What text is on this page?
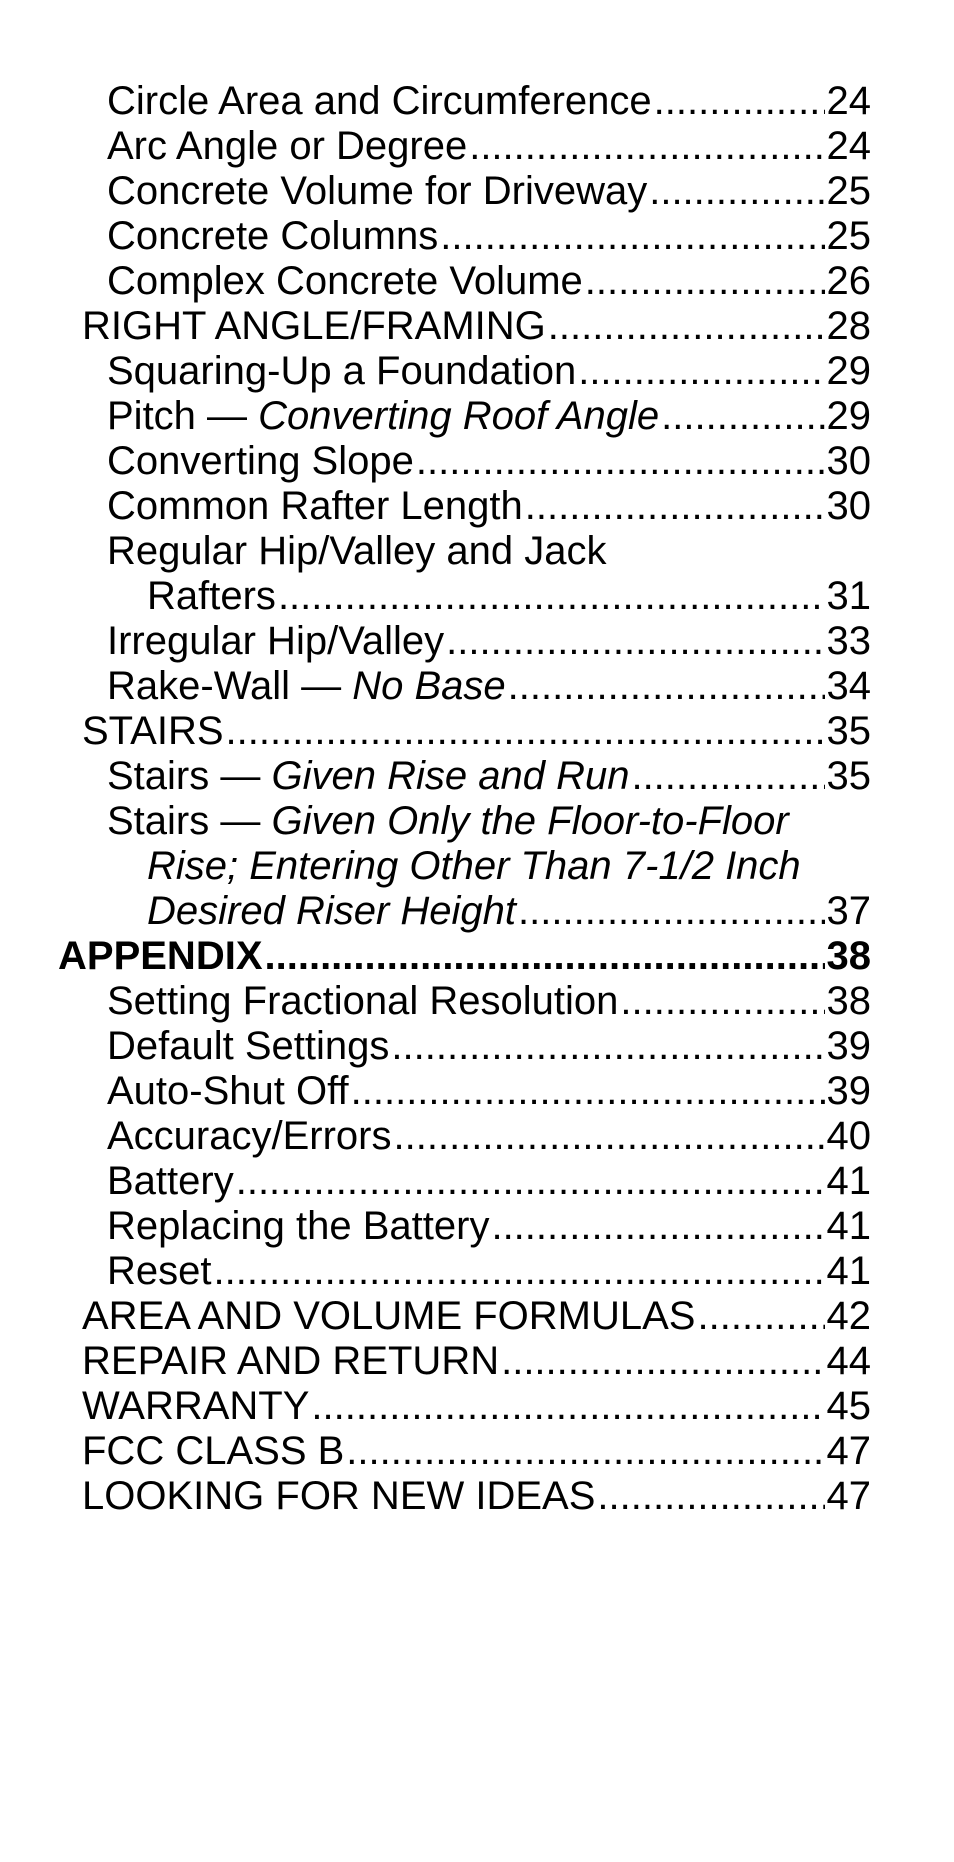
Circle Area and Circumference .....	24
Arc Angle or Degree .....	24
Concrete Volume for Driveway .....	25
Concrete Columns .....	25
Complex Concrete Volume .....	26
RIGHT ANGLE/FRAMING .....	28
Squaring-Up a Foundation .....	29
Pitch — Converting Roof Angle .....	29
Converting Slope .....	30
Common Rafter Length .....	30
Regular Hip/Valley and Jack
Rafters .....	31
Irregular Hip/Valley .....	33
Rake-Wall — No Base .....	34
STAIRS .....	35
Stairs — Given Rise and Run .....	35
Stairs — Given Only the Floor-to-Floor
Rise; Entering Other Than 7-1/2 Inch
Desired Riser Height .....	37
APPENDIX .....	38
Setting Fractional Resolution .....	38
Default Settings .....	39
Auto-Shut Off .....	39
Accuracy/Errors .....	40
Battery .....	41
Replacing the Battery .....	41
Reset .....	41
AREA AND VOLUME FORMULAS .....	42
REPAIR AND RETURN .....	44
WARRANTY .....	45
FCC CLASS B .....	47
LOOKING FOR NEW IDEAS .....	47
